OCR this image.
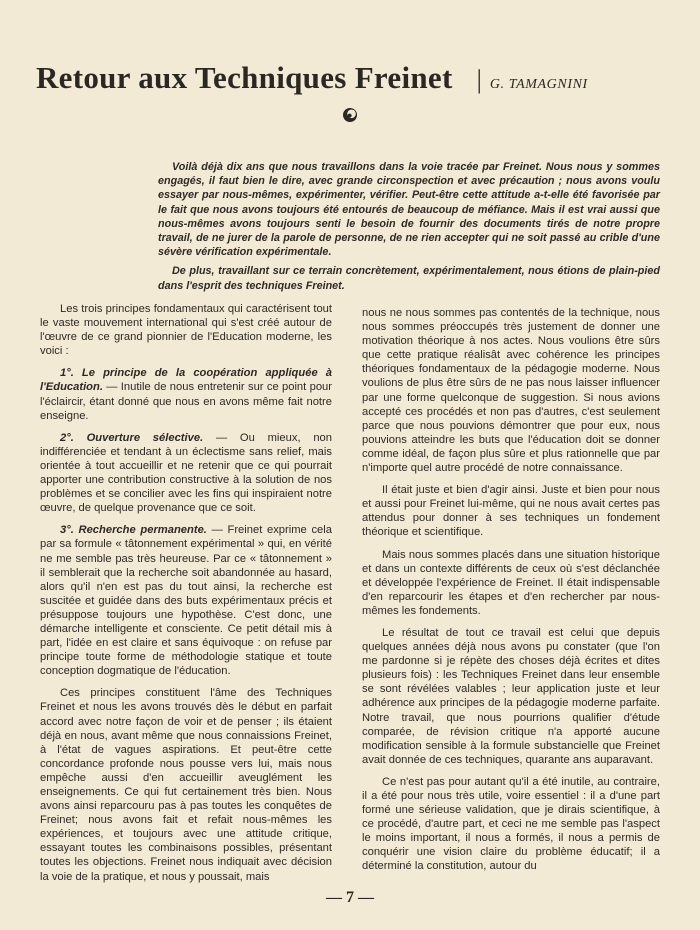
Retour aux Techniques Freinet | G. TAMAGNINI

Voilà déjà dix ans que nous travaillons dans la voie tracée par Freinet. Nous nous y sommes engagés, il faut bien le dire, avec grande circonspection et avec précaution ; nous avons voulu essayer par nous-mêmes, expérimenter, vérifier. Peut-être cette attitude a-t-elle été favorisée par le fait que nous avons toujours été entourés de beaucoup de méfiance. Mais il est vrai aussi que nous-mêmes avons toujours senti le besoin de fournir des documents tirés de notre propre travail, de ne jurer de la parole de personne, de ne rien accepter qui ne soit passé au crible d'une sévère vérification expérimentale.

De plus, travaillant sur ce terrain concrètement, expérimentalement, nous étions de plain-pied dans l'esprit des techniques Freinet.

Les trois principes fondamentaux qui caractérisent tout le vaste mouvement international qui s'est créé autour de l'œuvre de ce grand pionnier de l'Education moderne, les voici :

1°. Le principe de la coopération appliquée à l'Education. — Inutile de nous entretenir sur ce point pour l'éclaircir, étant donné que nous en avons même fait notre enseigne.

2°. Ouverture sélective. — Ou mieux, non indifférenciée et tendant à un éclectisme sans relief, mais orientée à tout accueillir et ne retenir que ce qui pourrait apporter une contribution constructive à la solution de nos problèmes et se concilier avec les fins qui inspiraient notre œuvre, de quelque provenance que ce soit.

3°. Recherche permanente. — Freinet exprime cela par sa formule « tâtonnement expérimental » qui, en vérité ne me semble pas très heureuse. Par ce « tâtonnement » il semblerait que la recherche soit abandonnée au hasard, alors qu'il n'en est pas du tout ainsi, la recherche est suscitée et guidée dans des buts expérimentaux précis et présuppose toujours une hypothèse. C'est donc, une démarche intelligente et consciente. Ce petit détail mis à part, l'idée en est claire et sans équivoque : on refuse par principe toute forme de méthodologie statique et toute conception dogmatique de l'éducation.

Ces principes constituent l'âme des Techniques Freinet et nous les avons trouvés dès le début en parfait accord avec notre façon de voir et de penser ; ils étaient déjà en nous, avant même que nous connaissions Freinet, à l'état de vagues aspirations. Et peut-être cette concordance profonde nous pousse vers lui, mais nous empêche aussi d'en accueillir aveuglément les enseignements. Ce qui fut certainement très bien. Nous avons ainsi reparcouru pas à pas toutes les conquêtes de Freinet; nous avons fait et refait nous-mêmes les expériences, et toujours avec une attitude critique, essayant toutes les combinaisons possibles, présentant toutes les objections. Freinet nous indiquait avec décision la voie de la pratique, et nous y poussait, mais

nous ne nous sommes pas contentés de la technique, nous nous sommes préoccupés très justement de donner une motivation théorique à nos actes. Nous voulions être sûrs que cette pratique réalisât avec cohérence les principes théoriques fondamentaux de la pédagogie moderne. Nous voulions de plus être sûrs de ne pas nous laisser influencer par une forme quelconque de suggestion. Si nous avions accepté ces procédés et non pas d'autres, c'est seulement parce que nous pouvions démontrer que pour eux, nous pouvions atteindre les buts que l'éducation doit se donner comme idéal, de façon plus sûre et plus rationnelle que par n'importe quel autre procédé de notre connaissance.

Il était juste et bien d'agir ainsi. Juste et bien pour nous et aussi pour Freinet lui-même, qui ne nous avait certes pas attendus pour donner à ses techniques un fondement théorique et scientifique.

Mais nous sommes placés dans une situation historique et dans un contexte différents de ceux où s'est déclanchée et développée l'expérience de Freinet. Il était indispensable d'en reparcourir les étapes et d'en rechercher par nous-mêmes les fondements.

Le résultat de tout ce travail est celui que depuis quelques années déjà nous avons pu constater (que l'on me pardonne si je répète des choses déjà écrites et dites plusieurs fois) : les Techniques Freinet dans leur ensemble se sont révélées valables ; leur application juste et leur adhérence aux principes de la pédagogie moderne parfaite. Notre travail, que nous pourrions qualifier d'étude comparée, de révision critique n'a apporté aucune modification sensible à la formule substancielle que Freinet avait donnée de ces techniques, quarante ans auparavant.

Ce n'est pas pour autant qu'il a été inutile, au contraire, il a été pour nous très utile, voire essentiel : il a d'une part formé une sérieuse validation, que je dirais scientifique, à ce procédé, d'autre part, et ceci ne me semble pas l'aspect le moins important, il nous a formés, il nous a permis de conquérir une vision claire du problème éducatif; il a déterminé la constitution, autour du

— 7 —
